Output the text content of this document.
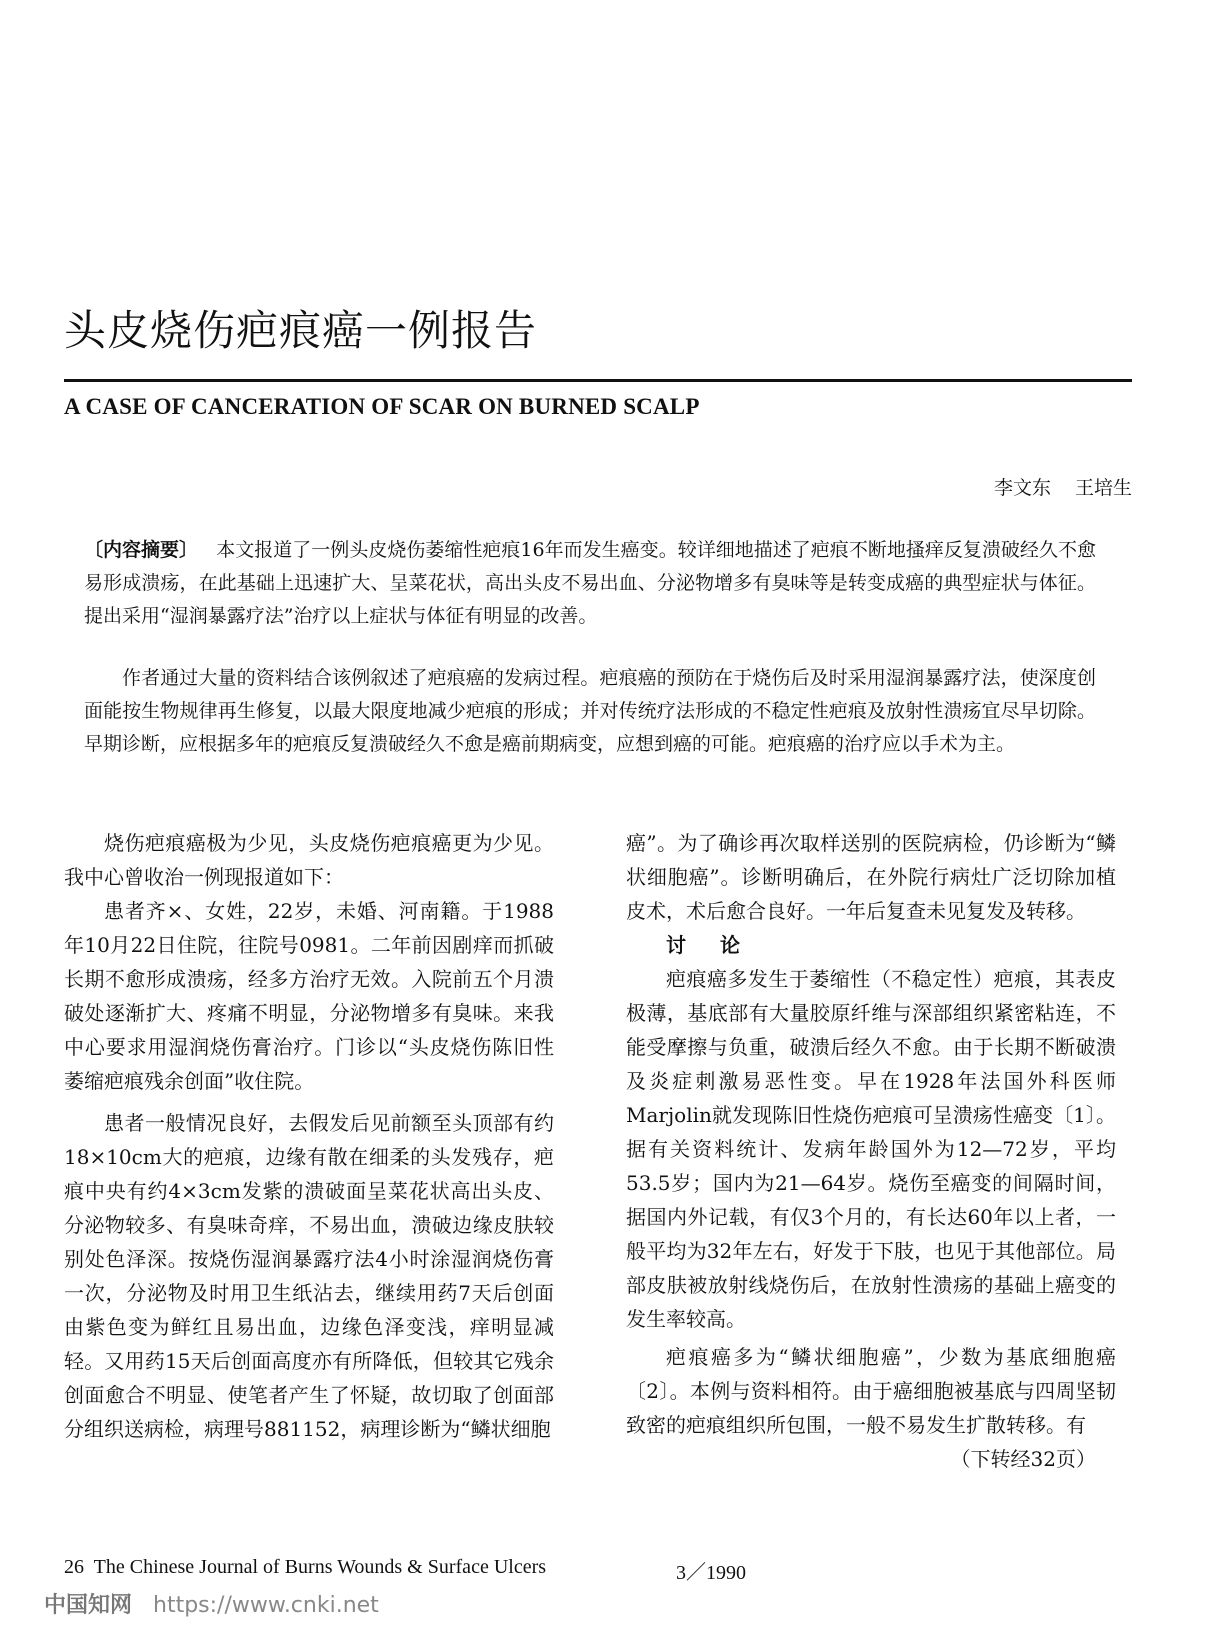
头皮烧伤疤痕癌一例报告
A CASE OF CANCERATION OF SCAR ON BURNED SCALP
李文东 王培生
〔内容摘要〕 本文报道了一例头皮烧伤萎缩性疤痕16年而发生癌变。较详细地描述了疤痕不断地搔痒反复溃破经久不愈易形成溃疡，在此基础上迅速扩大、呈菜花状，高出头皮不易出血、分泌物增多有臭味等是转变成癌的典型症状与体征。提出采用“湿润暴露疗法”治疗以上症状与体征有明显的改善。
作者通过大量的资料结合该例叙述了疤痕癌的发病过程。疤痕癌的预防在于烧伤后及时采用湿润暴露疗法，使深度创面能按生物规律再生修复，以最大限度地减少疤痕的形成；并对传统疗法形成的不稳定性疤痕及放射性溃疡宜尽早切除。早期诊断，应根据多年的疤痕反复溃破经久不愈是癌前期病变，应想到癌的可能。疤痕癌的治疗应以手术为主。

烧伤疤痕癌极为少见，头皮烧伤疤痕癌更为少见。我中心曾收治一例现报道如下：

患者齐×、女姓，22岁，未婚、河南籍。于1988年10月22日住院，往院号0981。二年前因剧痒而抓破长期不愈形成溃疡，经多方治疗无效。入院前五个月溃破处逐渐扩大、疼痛不明显，分泌物增多有臭味。来我中心要求用湿润烧伤膏治疗。门诊以“头皮烧伤陈旧性萎缩疤痕残余创面”收住院。

患者一般情况良好，去假发后见前额至头顶部有约18×10cm大的疤痕，边缘有散在细柔的头发残存，疤痕中央有约4×3cm发紫的溃破面呈菜花状高出头皮、分泌物较多、有臭味奇痒，不易出血，溃破边缘皮肤较别处色泽深。按烧伤湿润暴露疗法4小时涂湿润烧伤膏一次，分泌物及时用卫生纸沾去，继续用药7天后创面由紫色变为鲜红且易出血，边缘色泽变浅，痒明显减轻。又用药15天后创面高度亦有所降低，但较其它残余创面愈合不明显、使笔者产生了怀疑，故切取了创面部分组织送病检，病理号881152，病理诊断为“鳞状细胞

癌”。为了确诊再次取样送别的医院病检，仍诊断为“鳞状细胞癌”。诊断明确后，在外院行病灶广泛切除加植皮术，术后愈合良好。一年后复查未见复发及转移。

讨论

疤痕癌多发生于萎缩性（不稳定性）疤痕，其表皮极薄，基底部有大量胶原纤维与深部组织紧密粘连，不能受摩擦与负重，破溃后经久不愈。由于长期不断破溃及炎症刺激易恶性变。早在1928年法国外科医师Marjolin就发现陈旧性烧伤疤痕可呈溃疡性癌变〔1〕。据有关资料统计、发病年龄国外为12—72岁，平均53.5岁；国内为21—64岁。烧伤至癌变的间隔时间，据国内外记载，有仅3个月的，有长达60年以上者，一般平均为32年左右，好发于下肢，也见于其他部位。局部皮肤被放射线烧伤后，在放射性溃疡的基础上癌变的发生率较高。

疤痕癌多为“鳞状细胞癌”，少数为基底细胞癌〔2〕。本例与资料相符。由于癌细胞被基底与四周坚韧致密的疤痕组织所包围，一般不易发生扩散转移。有

（下转经32页）

26 The Chinese Journal of Burns Wounds & Surface Ulcers	3／1990
中国知网 https://www.cnki.net
